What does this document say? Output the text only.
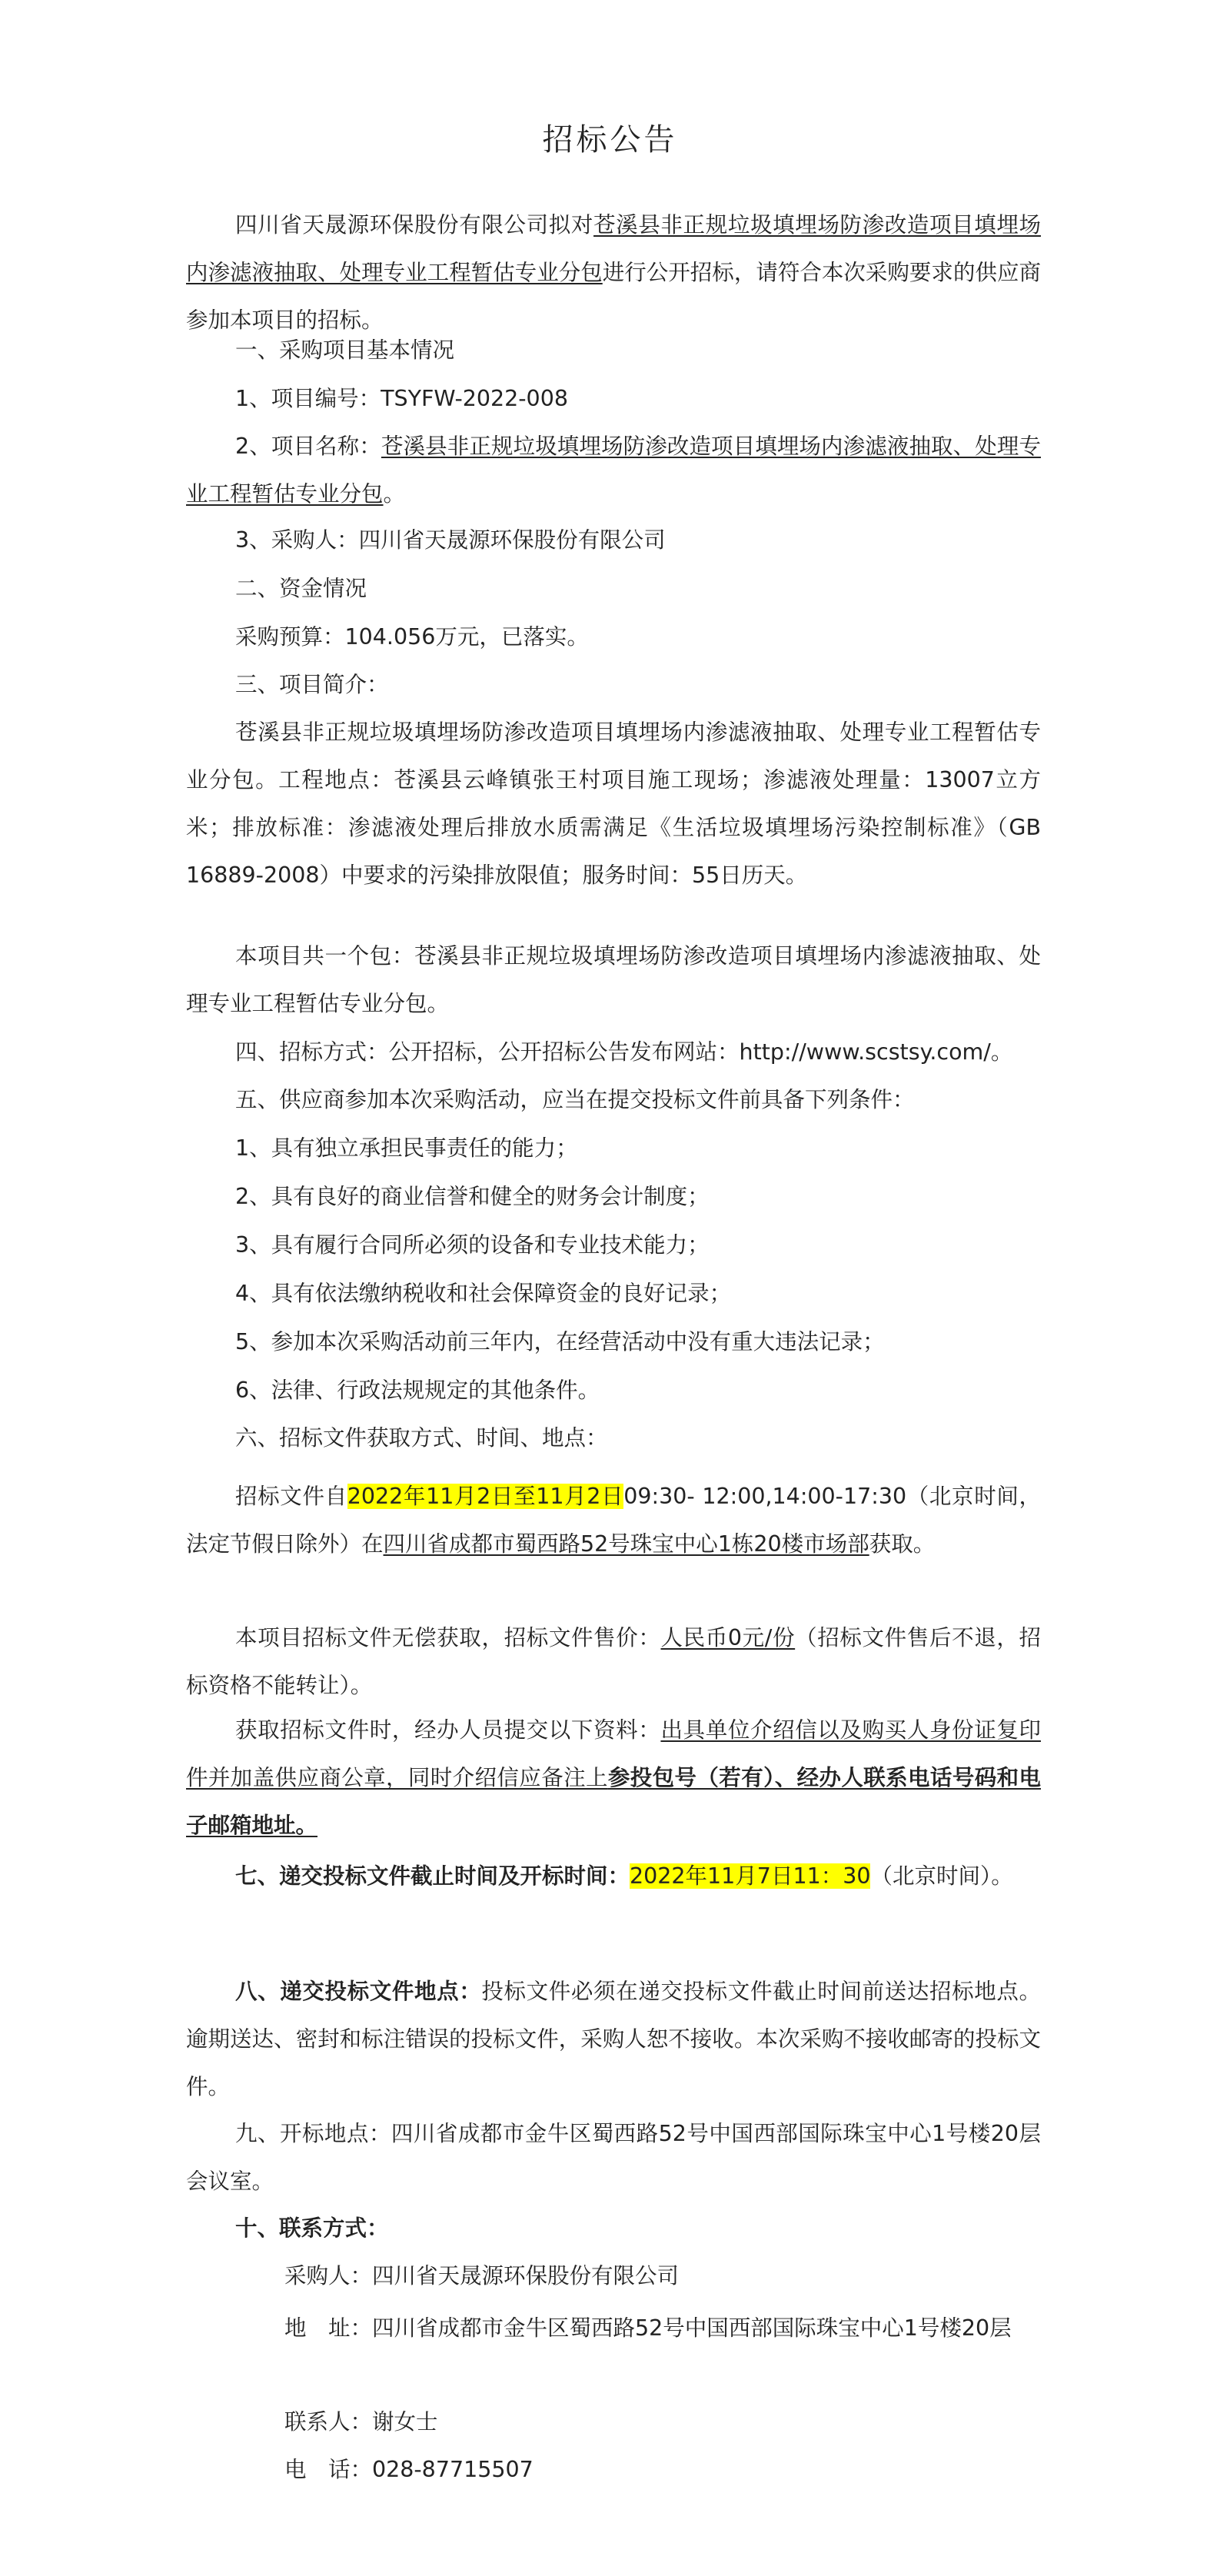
招标公告

四川省天晟源环保股份有限公司拟对苍溪县非正规垃圾填埋场防渗改造项目填埋场内渗滤液抽取、处理专业工程暂估专业分包进行公开招标，请符合本次采购要求的供应商参加本项目的招标。

一、采购项目基本情况

1、项目编号：TSYFW-2022-008

2、项目名称：苍溪县非正规垃圾填埋场防渗改造项目填埋场内渗滤液抽取、处理专业工程暂估专业分包。

3、采购人：四川省天晟源环保股份有限公司

二、资金情况

采购预算：104.056万元，已落实。

三、项目简介：

苍溪县非正规垃圾填埋场防渗改造项目填埋场内渗滤液抽取、处理专业工程暂估专业分包。工程地点：苍溪县云峰镇张王村项目施工现场；渗滤液处理量：13007立方米；排放标准：渗滤液处理后排放水质需满足《生活垃圾填埋场污染控制标准》（GB 16889-2008）中要求的污染排放限值；服务时间：55日历天。

本项目共一个包：苍溪县非正规垃圾填埋场防渗改造项目填埋场内渗滤液抽取、处理专业工程暂估专业分包。

四、招标方式：公开招标，公开招标公告发布网站：http://www.scstsy.com/。

五、供应商参加本次采购活动，应当在提交投标文件前具备下列条件：

1、具有独立承担民事责任的能力；

2、具有良好的商业信誉和健全的财务会计制度；

3、具有履行合同所必须的设备和专业技术能力；

4、具有依法缴纳税收和社会保障资金的良好记录；

5、参加本次采购活动前三年内，在经营活动中没有重大违法记录；

6、法律、行政法规规定的其他条件。

六、招标文件获取方式、时间、地点：

招标文件自2022年11月2日至11月2日09:30- 12:00,14:00-17:30（北京时间，法定节假日除外）在四川省成都市蜀西路52号珠宝中心1栋20楼市场部获取。

本项目招标文件无偿获取，招标文件售价：人民币0元/份（招标文件售后不退，招标资格不能转让）。

获取招标文件时，经办人员提交以下资料：出具单位介绍信以及购买人身份证复印件并加盖供应商公章，同时介绍信应备注上参投包号（若有）、经办人联系电话号码和电子邮箱地址。

七、递交投标文件截止时间及开标时间：2022年11月7日11：30（北京时间）。

八、递交投标文件地点：投标文件必须在递交投标文件截止时间前送达招标地点。逾期送达、密封和标注错误的投标文件，采购人恕不接收。本次采购不接收邮寄的投标文件。

九、开标地点：四川省成都市金牛区蜀西路52号中国西部国际珠宝中心1号楼20层会议室。

十、联系方式：

采购人：四川省天晟源环保股份有限公司

地　址：四川省成都市金牛区蜀西路52号中国西部国际珠宝中心1号楼20层

联系人：谢女士

电　话：028-87715507
